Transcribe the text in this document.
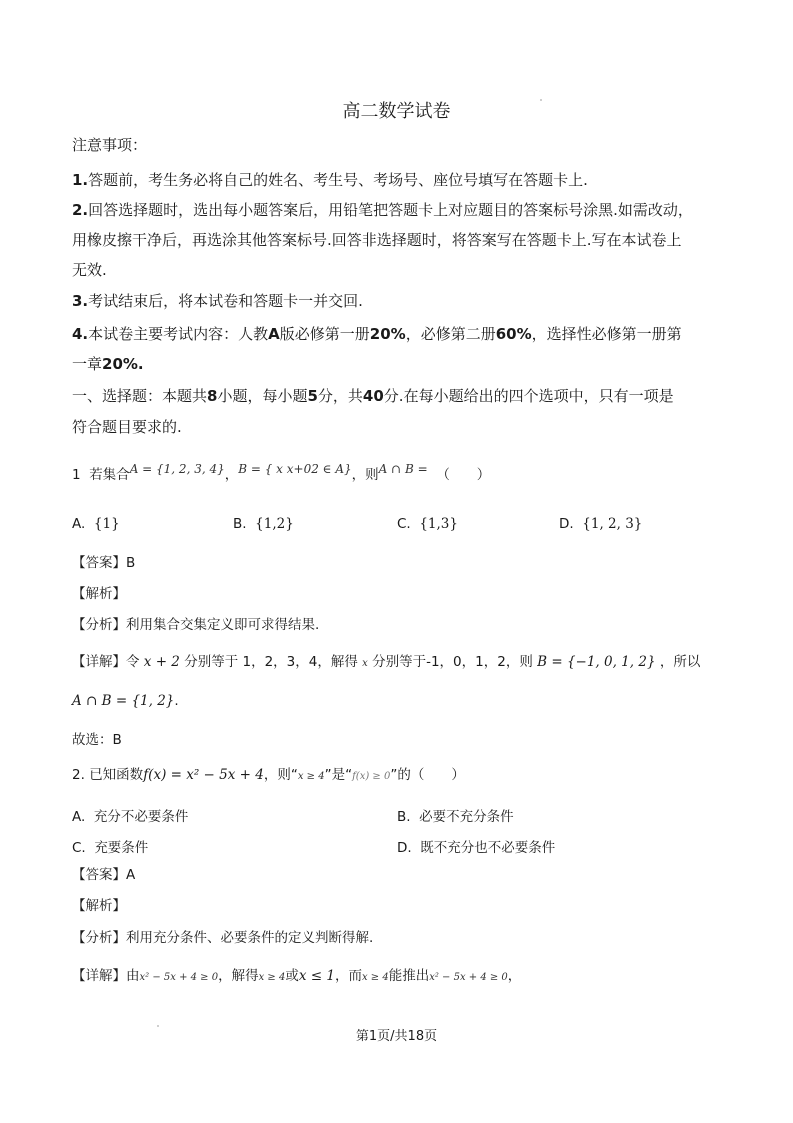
高二数学试卷
注意事项：
1.答题前，考生务必将自己的姓名、考生号、考场号、座位号填写在答题卡上.
2.回答选择题时，选出每小题答案后，用铅笔把答题卡上对应题目的答案标号涂黑.如需改动，
用橡皮擦干净后，再选涂其他答案标号.回答非选择题时，将答案写在答题卡上.写在本试卷上
无效.
3.考试结束后，将本试卷和答题卡一并交回.
4.本试卷主要考试内容：人教A版必修第一册20%，必修第二册60%，选择性必修第一册第
一章20%.
一、选择题：本题共8小题，每小题5分，共40分.在每小题给出的四个选项中，只有一项是
符合题目要求的.
1 若集合A = {1, 2, 3, 4}，B = { x x+02 ∈ A}，则A ∩ B = （　　）
A. {1}	B. {1,2}	C. {1,3}	D. {1, 2, 3}
【答案】B
【解析】
【分析】利用集合交集定义即可求得结果.
【详解】令 x + 2 分别等于 1，2，3，4，解得 x 分别等于-1，0，1，2，则 B = {−1, 0, 1, 2} ，所以
A ∩ B = {1, 2}.
故选：B
2. 已知函数f(x) = x² − 5x + 4，则“x ≥ 4”是“f(x) ≥ 0”的（　　）
A. 充分不必要条件	B. 必要不充分条件
C. 充要条件	D. 既不充分也不必要条件
【答案】A
【解析】
【分析】利用充分条件、必要条件的定义判断得解.
【详解】由x² − 5x + 4 ≥ 0，解得x ≥ 4或x ≤ 1，而x ≥ 4能推出x² − 5x + 4 ≥ 0，
第1页/共18页
